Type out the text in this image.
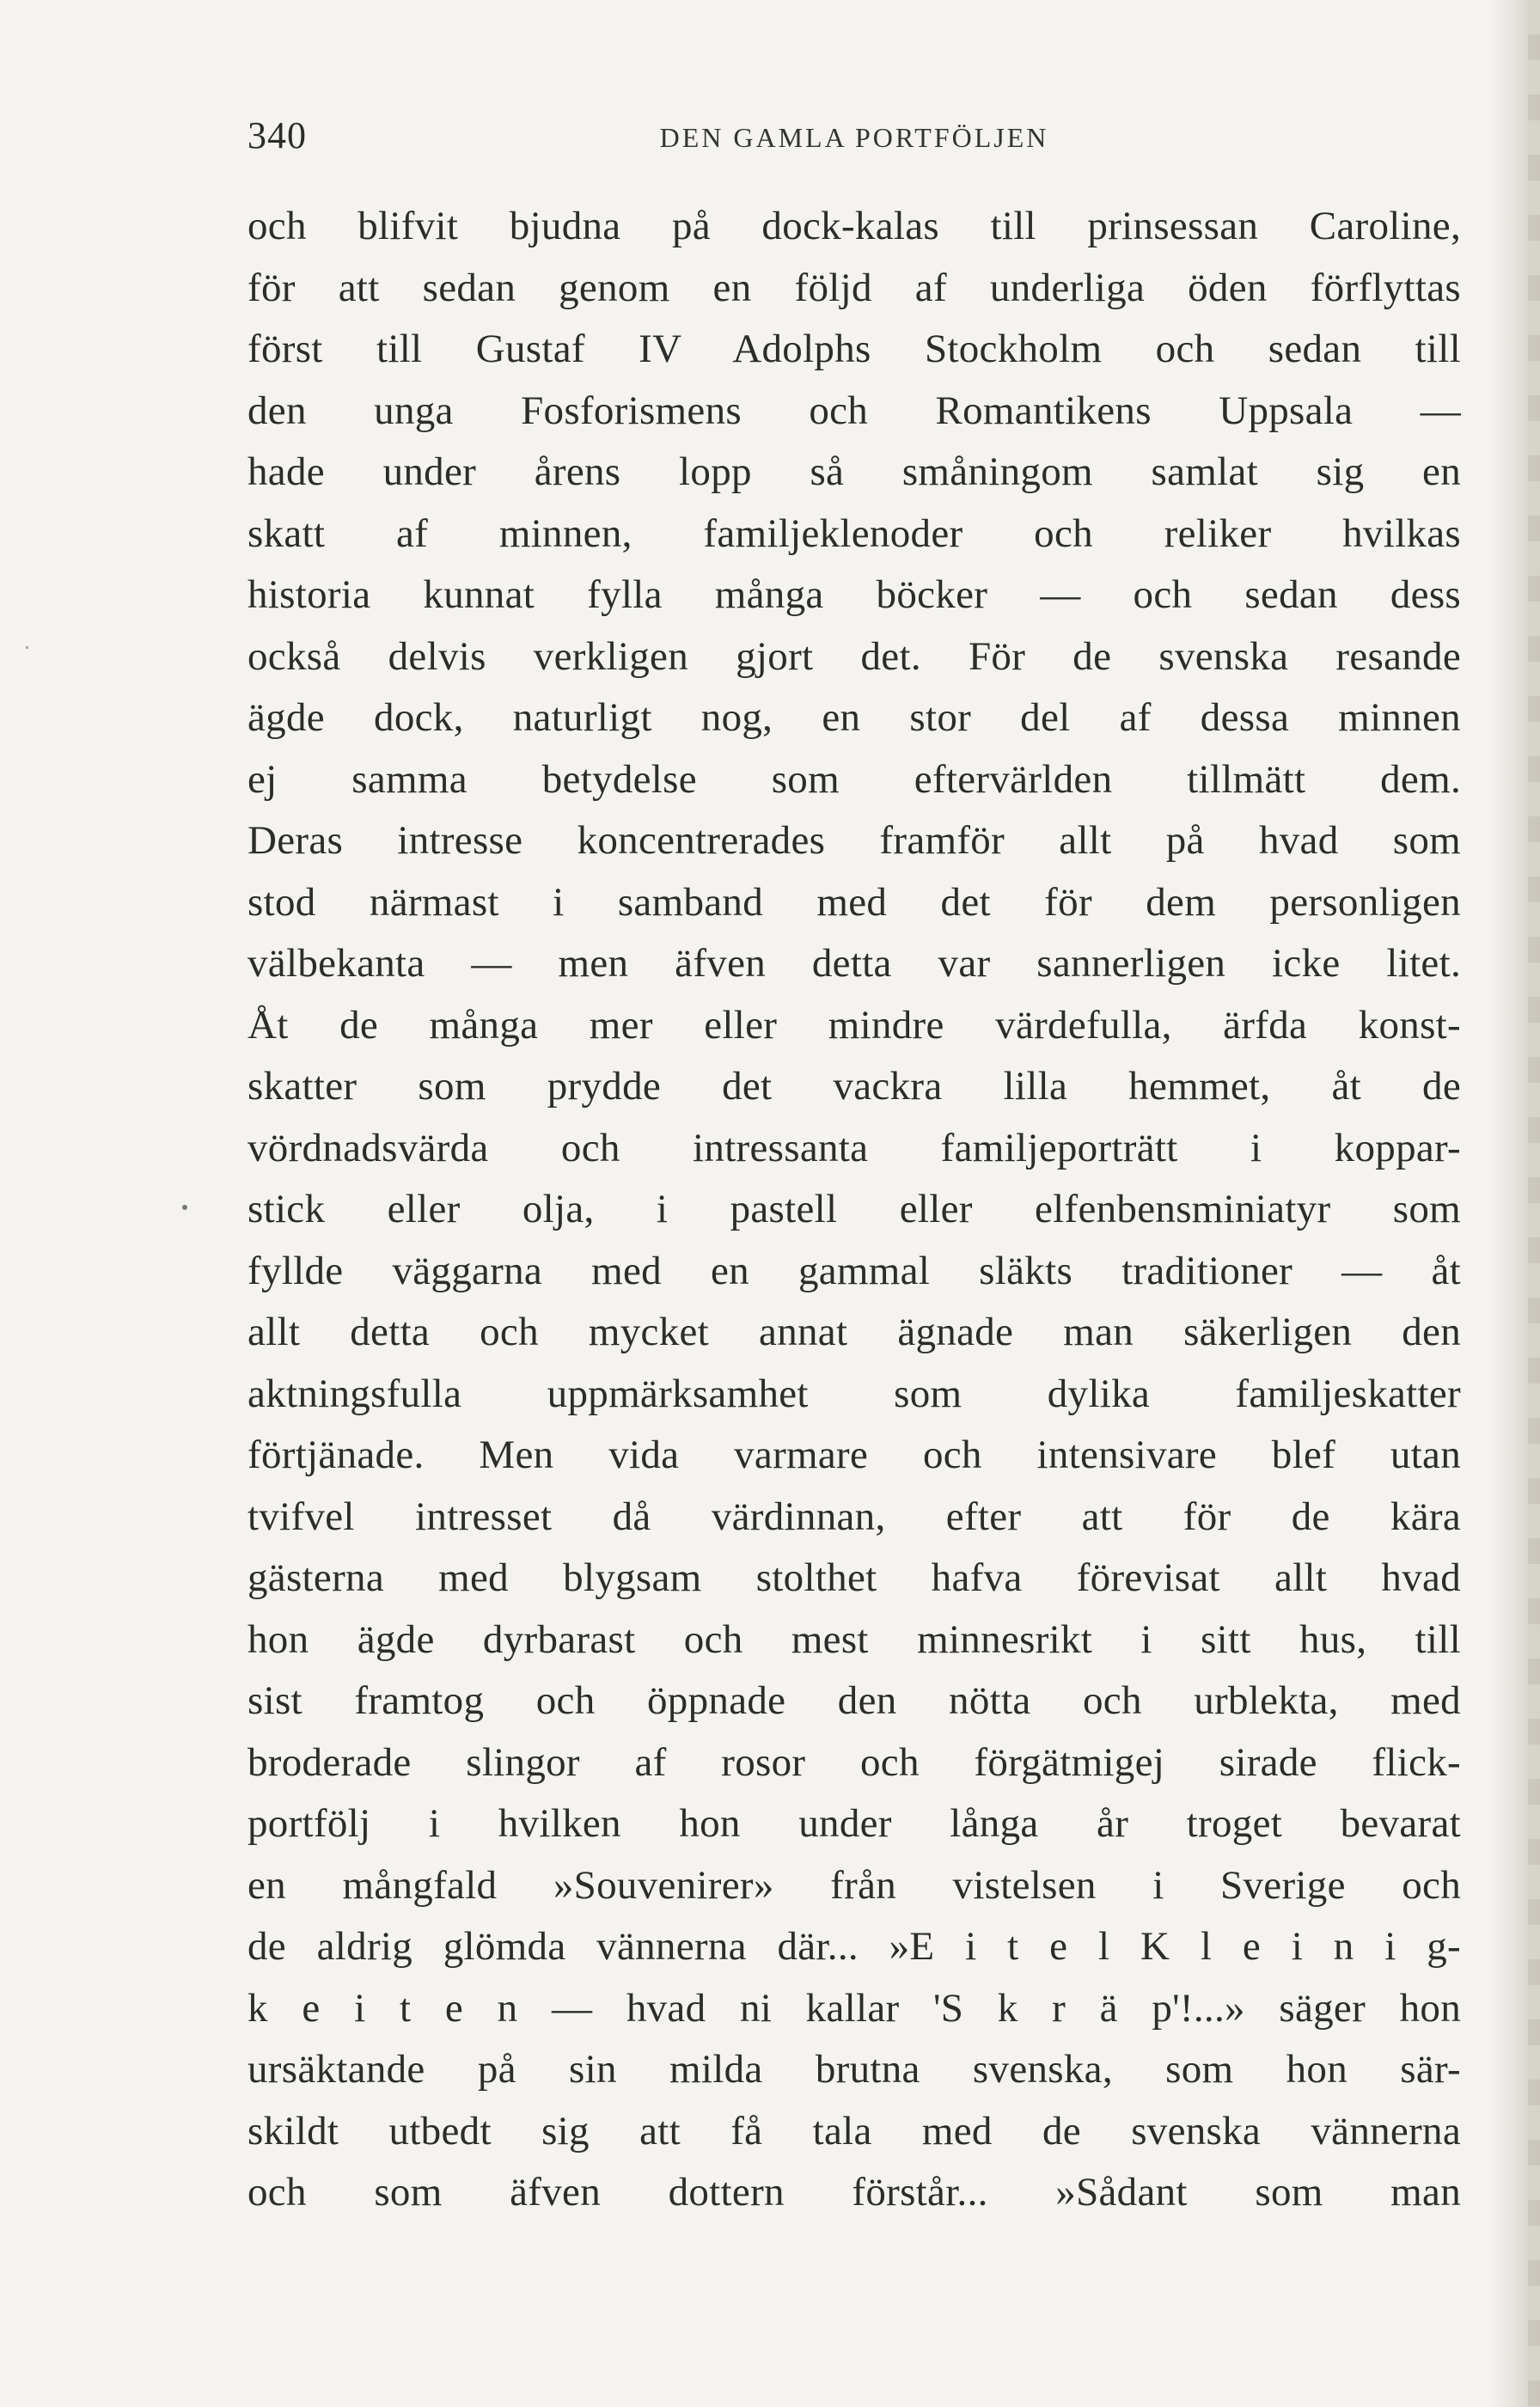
340	DEN GAMLA PORTFÖLJEN
och blifvit bjudna på dock-kalas till prinsessan Caroline,
för att sedan genom en följd af underliga öden förflyttas
först till Gustaf IV Adolphs Stockholm och sedan till
den unga Fosforismens och Romantikens Uppsala —
hade under årens lopp så småningom samlat sig en
skatt af minnen, familjeklenoder och reliker hvilkas
historia kunnat fylla många böcker — och sedan dess
också delvis verkligen gjort det. För de svenska resande
ägde dock, naturligt nog, en stor del af dessa minnen
ej samma betydelse som eftervärlden tillmätt dem.
Deras intresse koncentrerades framför allt på hvad som
stod närmast i samband med det för dem personligen
välbekanta — men äfven detta var sannerligen icke litet.
Åt de många mer eller mindre värdefulla, ärfda konst-
skatter som prydde det vackra lilla hemmet, åt de
vördnadsvärda och intressanta familjeporträtt i koppar-
stick eller olja, i pastell eller elfenbensminiatyr som
fyllde väggarna med en gammal släkts traditioner — åt
allt detta och mycket annat ägnade man säkerligen den
aktningsfulla uppmärksamhet som dylika familjeskatter
förtjänade. Men vida varmare och intensivare blef utan
tvifvel intresset då värdinnan, efter att för de kära
gästerna med blygsam stolthet hafva förevisat allt hvad
hon ägde dyrbarast och mest minnesrikt i sitt hus, till
sist framtog och öppnade den nötta och urblekta, med
broderade slingor af rosor och förgätmigej sirade flick-
portfölj i hvilken hon under långa år troget bevarat
en mångfald »Souvenirer» från vistelsen i Sverige och
de aldrig glömda vännerna där... »E i t e l K l e i n i g-
k e i t e n — hvad ni kallar 'S k r ä p'!...» säger hon
ursäktande på sin milda brutna svenska, som hon sär-
skildt utbedt sig att få tala med de svenska vännerna
och som äfven dottern förstår... »Sådant som man
